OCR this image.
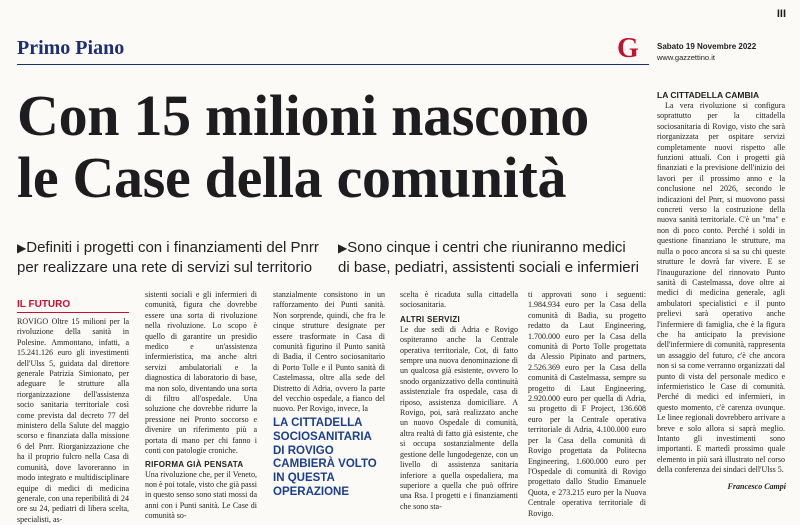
III
Primo Piano	G Sabato 19 Novembre 2022
www.gazzettino.it
Con 15 milioni nascono
le Case della comunità
▶Definiti i progetti con i finanziamenti del Pnrr
per realizzare una rete di servizi sul territorio
▶Sono cinque i centri che riuniranno medici
di base, pediatri, assistenti sociali e infermieri
IL FUTURO

ROVIGO Oltre 15 milioni per la rivoluzione della sanità in Polesine. Ammontano, infatti, a 15.241.126 euro gli investimenti dell'Ulss 5, guidata dal direttore generale Patrizia Simionato, per adeguare le strutture alla riorganizzazione dell'assistenza socio sanitaria territoriale così come prevista dal decreto 77 del ministero della Salute del maggio scorso e finanziata dalla missione 6 del Pnrr. Riorganizzazione che ha il proprio fulcro nella Casa di comunità, dove lavoreranno in modo integrato e multidisciplinare equipe di medici di medicina generale, con una reperibilità di 24 ore su 24, pediatri di libera scelta, specialisti, as-

sistenti sociali e gli infermieri di comunità, figura che dovrebbe essere una sorta di rivoluzione nella rivoluzione. Lo scopo è quello di garantire un presidio medico e un'assistenza infermieristica, ma anche altri servizi ambulatoriali e la diagnostica di laboratorio di base, ma non solo, diventando una sorta di filtro all'ospedale. Una soluzione che dovrebbe ridurre la pressione nei Pronto soccorso e divenire un riferimento più a portata di mano per chi fanno i conti con patologie croniche.

RIFORMA GIÀ PENSATA

Una rivoluzione che, per il Veneto, non è poi totale, visto che già passi in questo senso sono stati mossi da anni con i Punti sanità. Le Case di comunità so-

stanzialmente consistono in un rafforzamento dei Punti sanità. Non sorprende, quindi, che fra le cinque strutture designate per essere trasformate in Casa di comunità figurino il Punto sanità di Badia, il Centro sociosanitario di Porto Tolle e il Punto sanità di Castelmassa, oltre alla sede del Distretto di Adria, ovvero la parte del vecchio ospedale, a fianco del nuovo. Per Rovigo, invece, la

LA CITTADELLA
SOCIOSANITARIA
DI ROVIGO
CAMBIERÀ VOLTO
IN QUESTA
OPERAZIONE

scelta è ricaduta sulla cittadella sociosanitaria.

ALTRI SERVIZI

Le due sedi di Adria e Rovigo ospiteranno anche la Centrale operativa territoriale, Cot, di fatto sempre una nuova denominazione di un qualcosa già esistente, ovvero lo snodo organizzativo della continuità assistenziale fra ospedale, casa di riposo, assistenza domiciliare. A Rovigo, poi, sarà realizzato anche un nuovo Ospedale di comunità, altra realtà di fatto già esistente, che si occupa sostanzialmente della gestione delle lungodegenze, con un livello di assistenza sanitaria inferiore a quella ospedaliera, ma superiore a quella che può offrire una Rsa. I progetti e i finanziamenti che sono sta-

ti approvati sono i seguenti: 1.984.934 euro per la Casa della comunità di Badia, su progetto redatto da Laut Engineering, 1.700.000 euro per la Casa della comunità di Porto Tolle progettata da Alessio Pipinato and partners, 2.526.369 euro per la Casa della comunità di Castelmassa, sempre su progetto di Laut Engineering, 2.920.000 euro per quella di Adria, su progetto di F Project, 136.608 euro per la Centrale operativa territoriale di Adria, 4.100.000 euro per la Casa della comunità di Rovigo progettata da Politecna Engineering, 1.600.000 euro per l'Ospedale di comunità di Rovigo progettato dallo Studio Emanuele Quota, e 273.215 euro per la Nuova Centrale operativa territoriale di Rovigo.

LA CITTADELLA CAMBIA

La vera rivoluzione si configura soprattutto per la cittadella sociosanitaria di Rovigo, visto che sarà riorganizzata per ospitare servizi completamente nuovi rispetto alle funzioni attuali. Con i progetti già finanziati e la previsione dell'inizio dei lavori per il prossimo anno e la conclusione nel 2026, secondo le indicazioni del Pnrr, si muovono passi concreti verso la costruzione della nuova sanità territoriale. C'è un "ma" e non di poco conto. Perché i soldi in questione finanziano le strutture, ma nulla o poco ancora si sa su chi queste strutture le dovrà far vivere. E se l'inaugurazione del rinnovato Punto sanità di Castelmassa, dove oltre ai medici di medicina generale, agli ambulatori specialistici e il punto prelievi sarà operativo anche l'infermiere di famiglia, che è la figura che ha anticipato la previsione dell'infermiere di comunità, rappresenta un assaggio del futuro, c'è che ancora non si sa come verranno organizzati dal punto di vista del personale medico e infermieristico le Case di comunità. Perché di medici ed infermieri, in questo momento, c'è carenza ovunque. Le linee regionali dovrebbero arrivare a breve e solo allora si saprà meglio. Intanto gli investimenti sono importanti. E martedì prossimo quale elemento in più sarà illustrato nel corso della conferenza dei sindaci dell'Ulss 5.

Francesco Campi
